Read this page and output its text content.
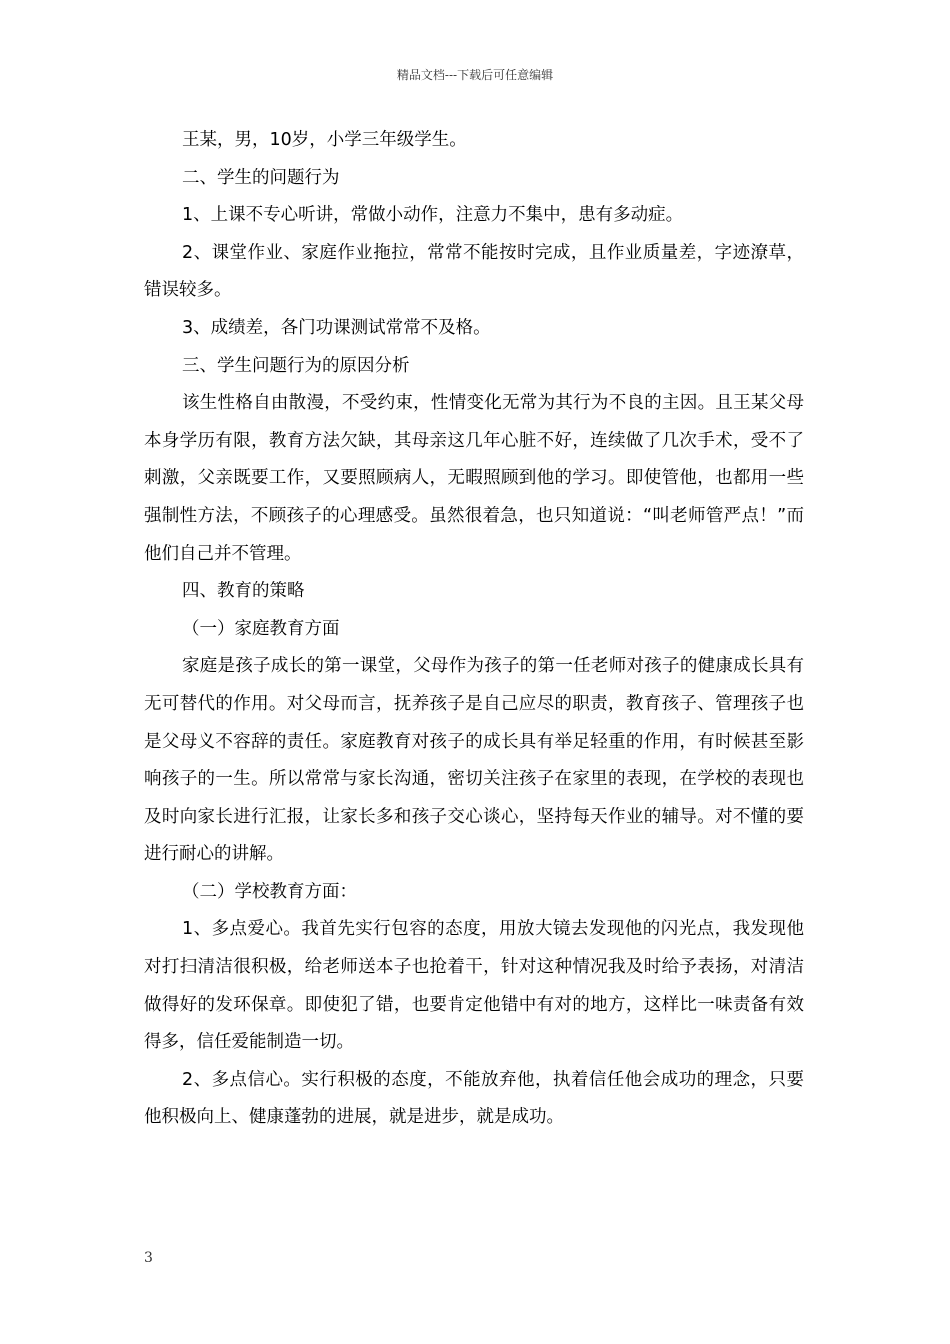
精品文档---下载后可任意编辑

王某，男，10岁，小学三年级学生。

二、学生的问题行为

1、上课不专心听讲，常做小动作，注意力不集中，患有多动症。

2、课堂作业、家庭作业拖拉，常常不能按时完成，且作业质量差，字迹潦草，错误较多。

3、成绩差，各门功课测试常常不及格。

三、学生问题行为的原因分析

该生性格自由散漫，不受约束，性情变化无常为其行为不良的主因。且王某父母本身学历有限，教育方法欠缺，其母亲这几年心脏不好，连续做了几次手术，受不了刺激，父亲既要工作，又要照顾病人，无暇照顾到他的学习。即使管他，也都用一些强制性方法，不顾孩子的心理感受。虽然很着急，也只知道说：“叫老师管严点！”而他们自己并不管理。

四、教育的策略

（一）家庭教育方面

家庭是孩子成长的第一课堂，父母作为孩子的第一任老师对孩子的健康成长具有无可替代的作用。对父母而言，抚养孩子是自己应尽的职责，教育孩子、管理孩子也是父母义不容辞的责任。家庭教育对孩子的成长具有举足轻重的作用，有时候甚至影响孩子的一生。所以常常与家长沟通，密切关注孩子在家里的表现，在学校的表现也及时向家长进行汇报，让家长多和孩子交心谈心，坚持每天作业的辅导。对不懂的要进行耐心的讲解。

（二）学校教育方面：

1、多点爱心。我首先实行包容的态度，用放大镜去发现他的闪光点，我发现他对打扫清洁很积极，给老师送本子也抢着干，针对这种情况我及时给予表扬，对清洁做得好的发环保章。即使犯了错，也要肯定他错中有对的地方，这样比一味责备有效得多，信任爱能制造一切。

2、多点信心。实行积极的态度，不能放弃他，执着信任他会成功的理念，只要他积极向上、健康蓬勃的进展，就是进步，就是成功。

3
